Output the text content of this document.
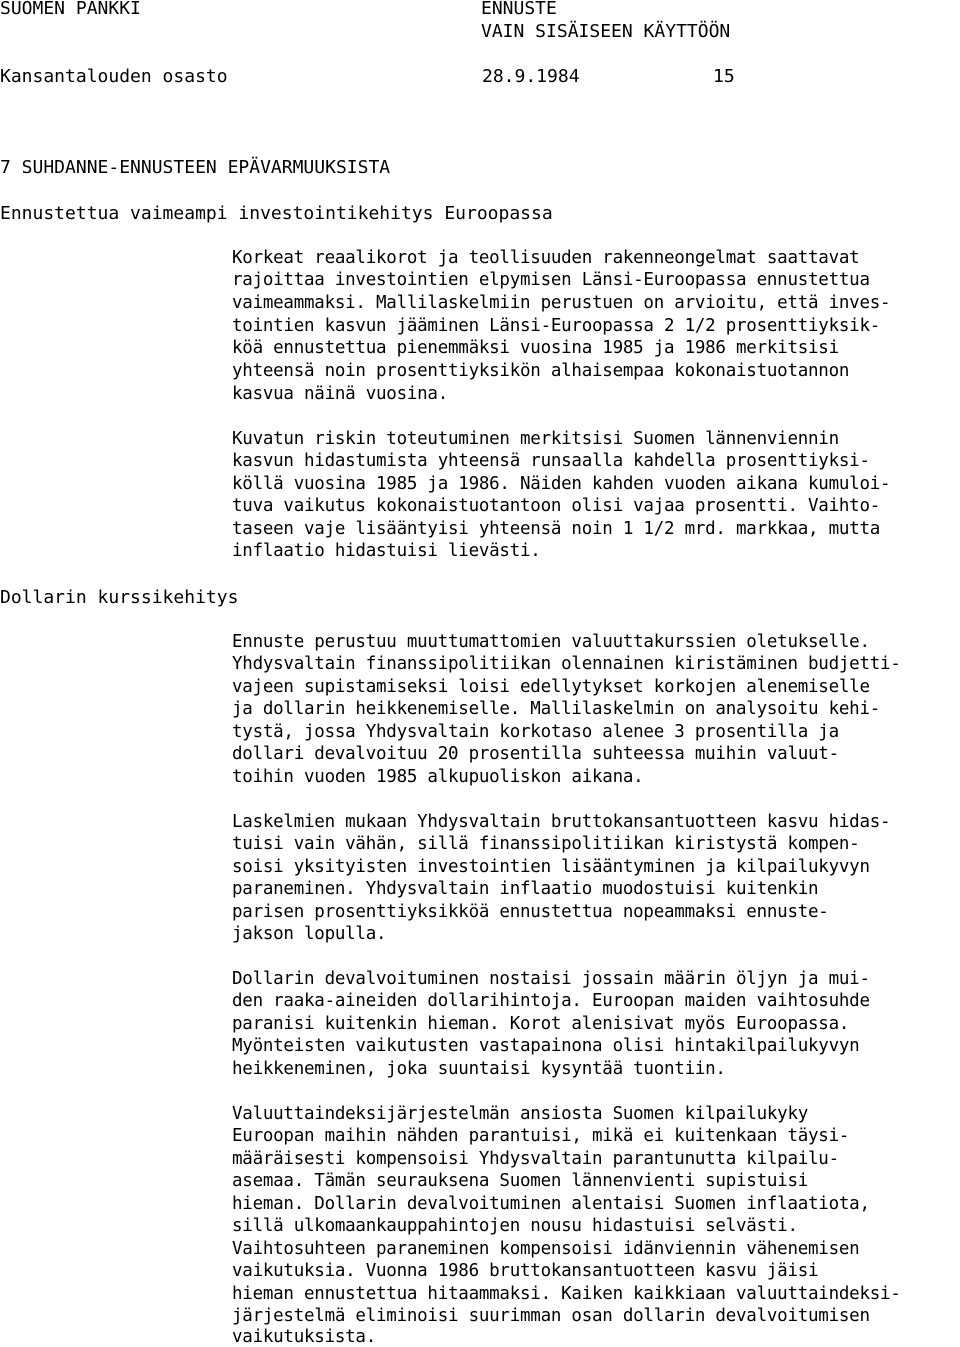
SUOMEN PANKKI	ENNUSTE
VAIN SISÄISEEN KÄYTTÖÖN
Kansantalouden osasto	28.9.1984	15
7 SUHDANNE-ENNUSTEEN EPÄVARMUUKSISTA
Ennustettua vaimeampi investointikehitys Euroopassa
Korkeat reaalikorot ja teollisuuden rakenneongelmat saattavat
rajoittaa investointien elpymisen Länsi-Euroopassa ennustettua
vaimeammaksi. Mallilaskelmiin perustuen on arvioitu, että inves-
tointien kasvun jääminen Länsi-Euroopassa 2 1/2 prosenttiyksik-
köä ennustettua pienemmäksi vuosina 1985 ja 1986 merkitsisi
yhteensä noin prosenttiyksikön alhaisempaa kokonaistuotannon
kasvua näinä vuosina.
Kuvatun riskin toteutuminen merkitsisi Suomen lännenviennin
kasvun hidastumista yhteensä runsaalla kahdella prosenttiyksi-
köllä vuosina 1985 ja 1986. Näiden kahden vuoden aikana kumuloi-
tuva vaikutus kokonaistuotantoon olisi vajaa prosentti. Vaihto-
taseen vaje lisääntyisi yhteensä noin 1 1/2 mrd. markkaa, mutta
inflaatio hidastuisi lievästi.
Dollarin kurssikehitys
Ennuste perustuu muuttumattomien valuuttakurssien oletukselle.
Yhdysvaltain finanssipolitiikan olennainen kiristäminen budjetti-
vajeen supistamiseksi loisi edellytykset korkojen alenemiselle
ja dollarin heikkenemiselle. Mallilaskelmin on analysoitu kehi-
tystä, jossa Yhdysvaltain korkotaso alenee 3 prosentilla ja
dollari devalvoituu 20 prosentilla suhteessa muihin valuut-
toihin vuoden 1985 alkupuoliskon aikana.
Laskelmien mukaan Yhdysvaltain bruttokansantuotteen kasvu hidas-
tuisi vain vähän, sillä finanssipolitiikan kiristystä kompen-
soisi yksityisten investointien lisääntyminen ja kilpailukyvyn
paraneminen. Yhdysvaltain inflaatio muodostuisi kuitenkin
parisen prosenttiyksikköä ennustettua nopeammaksi ennuste-
jakson lopulla.
Dollarin devalvoituminen nostaisi jossain määrin öljyn ja mui-
den raaka-aineiden dollarihintoja. Euroopan maiden vaihtosuhde
paranisi kuitenkin hieman. Korot alenisivat myös Euroopassa.
Myönteisten vaikutusten vastapainona olisi hintakilpailukyvyn
heikkeneminen, joka suuntaisi kysyntää tuontiin.
Valuuttaindeksijärjestelmän ansiosta Suomen kilpailukyky
Euroopan maihin nähden parantuisi, mikä ei kuitenkaan täysi-
määräisesti kompensoisi Yhdysvaltain parantunutta kilpailu-
asemaa. Tämän seurauksena Suomen lännenvienti supistuisi
hieman. Dollarin devalvoituminen alentaisi Suomen inflaatiota,
sillä ulkomaankauppahintojen nousu hidastuisi selvästi.
Vaihtosuhteen paraneminen kompensoisi idänviennin vähenemisen
vaikutuksia. Vuonna 1986 bruttokansantuotteen kasvu jäisi
hieman ennustettua hitaammaksi. Kaiken kaikkiaan valuuttaindeksi-
järjestelmä eliminoisi suurimman osan dollarin devalvoitumisen
vaikutuksista.
